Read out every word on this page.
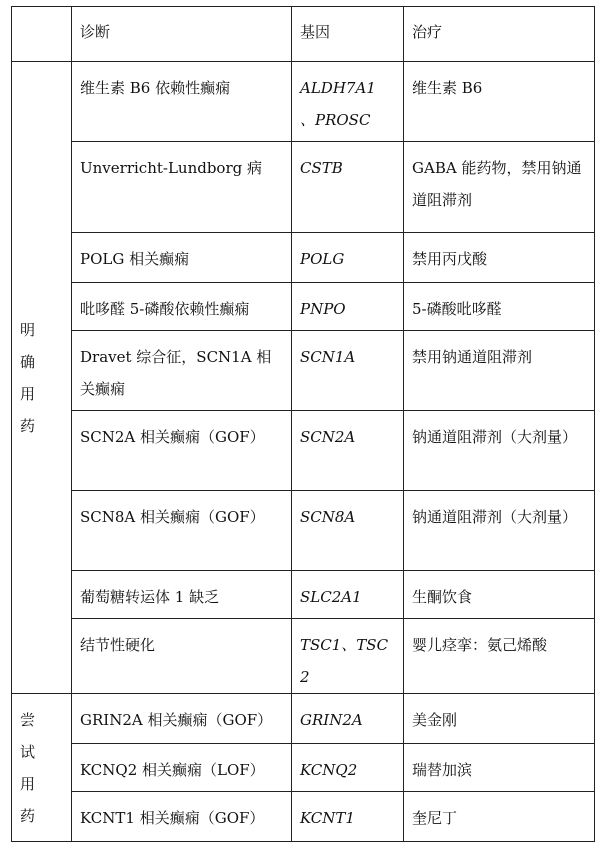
	诊断	基因	治疗

明确用药	维生素 B6 依赖性癫痫	ALDH7A1 、PROSC	维生素 B6
	Unverricht-Lundborg 病	CSTB	GABA 能药物，禁用钠通道阻滞剂
	POLG 相关癫痫	POLG	禁用丙戊酸
	吡哆醛 5-磷酸依赖性癫痫	PNPO	5-磷酸吡哆醛
	Dravet 综合征，SCN1A 相关癫痫	SCN1A	禁用钠通道阻滞剂
	SCN2A 相关癫痫（GOF）	SCN2A	钠通道阻滞剂（大剂量）
	SCN8A 相关癫痫（GOF）	SCN8A	钠通道阻滞剂（大剂量）
	葡萄糖转运体 1 缺乏	SLC2A1	生酮饮食
	结节性硬化	TSC1、TSC2	婴儿痉挛：氨己烯酸

尝试用药	GRIN2A 相关癫痫（GOF）	GRIN2A	美金刚
	KCNQ2 相关癫痫（LOF）	KCNQ2	瑞替加滨
	KCNT1 相关癫痫（GOF）	KCNT1	奎尼丁
